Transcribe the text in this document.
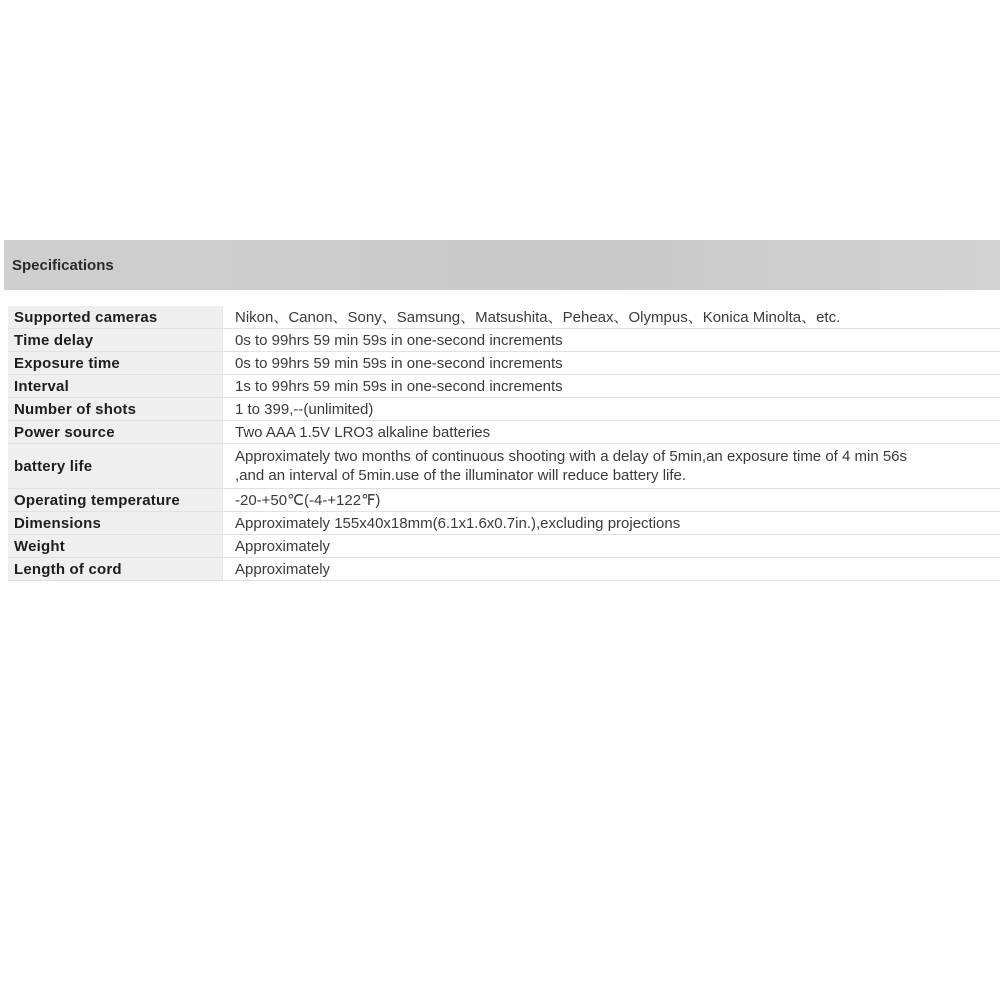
Specifications
Supported cameras	Nikon、Canon、Sony、Samsung、Matsushita、Peheax、Olympus、Konica Minolta、etc.
Time delay	0s to 99hrs 59 min 59s in one-second increments
Exposure time	0s to 99hrs 59 min 59s in one-second increments
Interval	1s to 99hrs 59 min 59s in one-second increments
Number of shots	1 to 399,--(unlimited)
Power source	Two AAA 1.5V LRO3 alkaline batteries
battery life	Approximately two months of continuous shooting with a delay of 5min,an exposure time of 4 min 56s
,and an interval of 5min.use of the illuminator will reduce battery life.

Operating temperature	-20-+50℃(-4-+122℉)
Dimensions	Approximately 155x40x18mm(6.1x1.6x0.7in.),excluding projections
Weight	Approximately
Length of cord	Approximately
